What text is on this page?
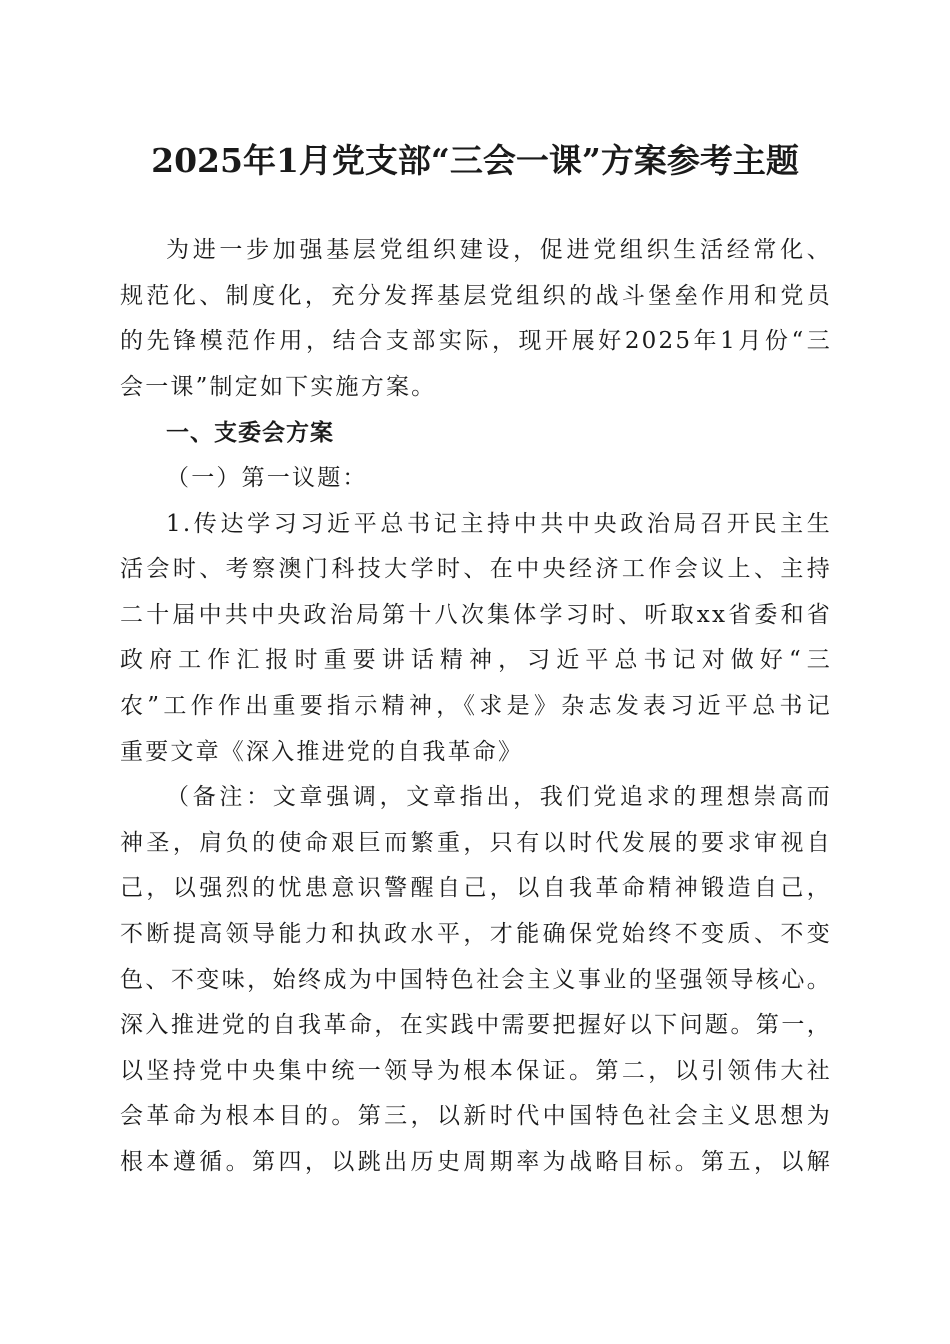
2025年1月党支部“三会一课”方案参考主题
为进一步加强基层党组织建设，促进党组织生活经常化、
规范化、制度化，充分发挥基层党组织的战斗堡垒作用和党员
的先锋模范作用，结合支部实际，现开展好2025年1月份“三
会一课”制定如下实施方案。
一、支委会方案
（一）第一议题：
1.传达学习习近平总书记主持中共中央政治局召开民主生
活会时、考察澳门科技大学时、在中央经济工作会议上、主持
二十届中共中央政治局第十八次集体学习时、听取xx省委和省
政府工作汇报时重要讲话精神，习近平总书记对做好“三
农”工作作出重要指示精神，《求是》杂志发表习近平总书记
重要文章《深入推进党的自我革命》
（备注：文章强调，文章指出，我们党追求的理想崇高而
神圣，肩负的使命艰巨而繁重，只有以时代发展的要求审视自
己，以强烈的忧患意识警醒自己，以自我革命精神锻造自己，
不断提高领导能力和执政水平，才能确保党始终不变质、不变
色、不变味，始终成为中国特色社会主义事业的坚强领导核心。
深入推进党的自我革命，在实践中需要把握好以下问题。第一，
以坚持党中央集中统一领导为根本保证。第二，以引领伟大社
会革命为根本目的。第三，以新时代中国特色社会主义思想为
根本遵循。第四，以跳出历史周期率为战略目标。第五，以解
